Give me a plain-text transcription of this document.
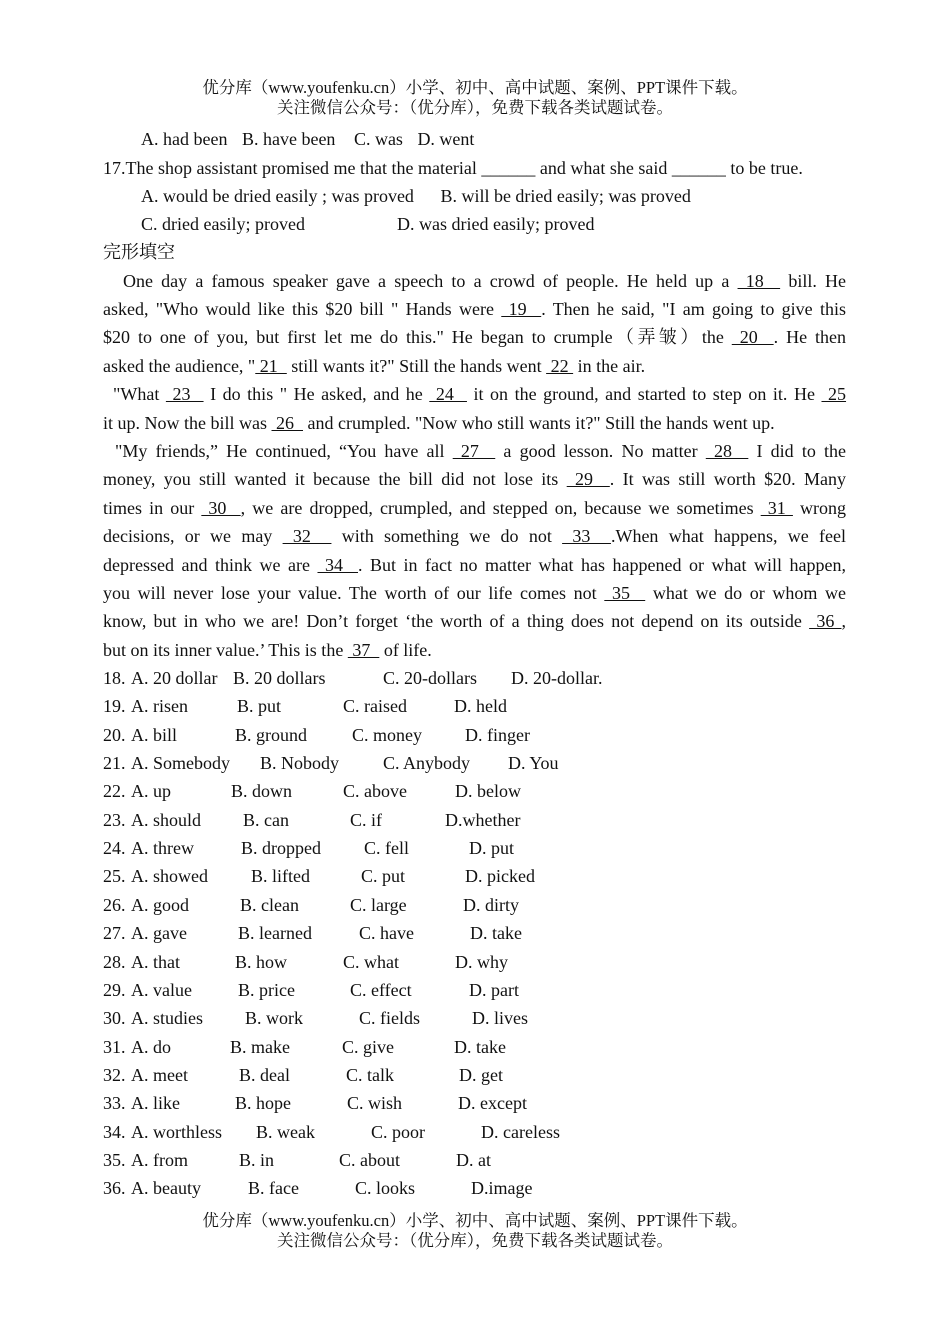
优分库（www.youfenku.cn）小学、初中、高中试题、案例、PPT课件下载。
关注微信公众号：（优分库），免费下载各类试题试卷。
A. had been B. have been C. was D. went
17.The shop assistant promised me that the material ______ and what she said ______ to be true.
A. would be dried easily ; was proved B. will be dried easily; was proved
C. dried easily; proved	D. was dried easily; proved
完形填空
One day a famous speaker gave a speech to a crowd of people. He held up a  18   bill. He
asked, "Who would like this $20 bill " Hands were  19  . Then he said, "I am going to give this
$20 to one of you, but first let me do this." He began to crumple（弄皱）the  20  . He then
asked the audience, " 21   still wants it?" Still the hands went  22  in the air.
"What  23   I do this " He asked, and he  24   it on the ground, and started to step on it. He  25
it up. Now the bill was  26   and crumpled. "Now who still wants it?" Still the hands went up.
"My friends,” He continued, “You have all  27   a good lesson. No matter  28   I did to the
money, you still wanted it because the bill did not lose its  29  . It was still worth $20. Many
times in our  30  , we are dropped, crumpled, and stepped on, because we sometimes  31  wrong
decisions, or we may  32   with something we do not  33  .When what happens, we feel
depressed and think we are  34  . But in fact no matter what has happened or what will happen,
you will never lose your value. The worth of our life comes not  35   what we do or whom we
know, but in who we are! Don’t forget ‘the worth of a thing does not depend on its outside  36 ,
but on its inner value.’ This is the  37   of life.
18. A. 20 dollar B. 20 dollars	C. 20-dollars D. 20-dollar.
19. A. risen	B. put	C. raised	D. held
20. A. bill	B. ground	C. money D. finger
21. A. Somebody B. Nobody C. Anybody D. You
22. A. up	B. down	C. above	D. below
23. A. should B. can	C. if	D.whether
24. A. threw	B. dropped C. fell	D. put
25. A. showed B. lifted	C. put	D. picked
26. A. good	B. clean	C. large	D. dirty
27. A. gave	B. learned	C. have	D. take
28. A. that	B. how	C. what	D. why
29. A. value	B. price	C. effect	D. part
30. A. studies B. work	C. fields	D. lives
31. A. do	B. make	C. give	D. take
32. A. meet	B. deal	C. talk	D. get
33. A. like	B. hope	C. wish	D. except
34. A. worthless B. weak	C. poor	D. careless
35. A. from	B. in	C. about	D. at
36. A. beauty	B. face	C. looks	D.image
优分库（www.youfenku.cn）小学、初中、高中试题、案例、PPT课件下载。
关注微信公众号：（优分库），免费下载各类试题试卷。
